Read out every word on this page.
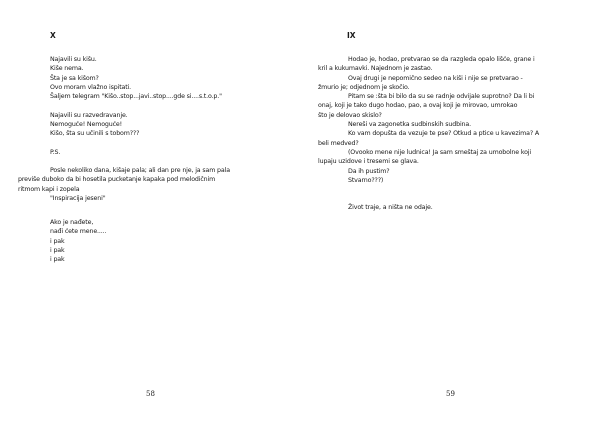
X
Najavili su kišu.
Kiše nema.
Šta je sa kišom?
Ovo moram vlažno ispitati.
Šaljem telegram "Kišo..stop...javi..stop....gde si....s.t.o.p."
Najavili su razvedravanje.
Nemoguće! Nemoguće!
Kišo, šta su učinili s tobom???
P.S.
Posle nekoliko dana, kišaje pala; ali dan pre nje, ja sam pala
previše duboko da bi hosetila pucketanje kapaka pod melodičnim
ritmom kapi i zopela
"Inspiracija jeseni"
Ako je nađete,
nađi ćete mene.....
i pak
i pak
i pak
58
IX
Hodao je, hodao, pretvarao se da razgleda opalo lišće, grane i
kril a kukumavki. Najednom je zastao.
Ovaj drugi je nepomično sedeo na kiši i nije se pretvarao -
žmurio je; odjednom je skočio.
Pitam se :šta bi bilo da su se radnje odvijale suprotno? Da li bi
onaj, koji je tako dugo hodao, pao, a ovaj koji je mirovao, umrokao
što je delovao skislo?
Nereši va zagonetka sudbinskih sudbina.
Ko vam dopušta da vezuje te pse? Otkud a ptice u kavezima? A
beli medved?
(Ovooko mene nije ludnica! Ja sam smeštaj za umobolne koji
lupaju uzidove i tresemi se glava.
Da ih pustim?
Stvarno???)
Život traje, a ništa ne odaje.
59
